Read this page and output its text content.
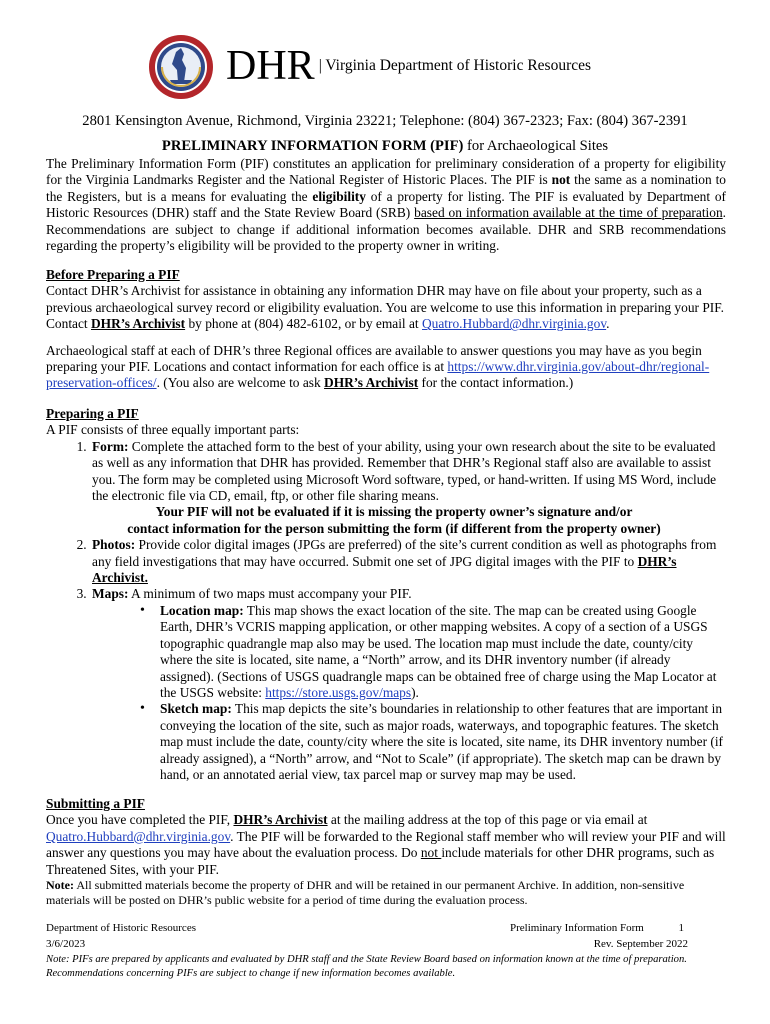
DHR | Virginia Department of Historic Resources
2801 Kensington Avenue, Richmond, Virginia 23221; Telephone: (804) 367-2323; Fax: (804) 367-2391
PRELIMINARY INFORMATION FORM (PIF) for Archaeological Sites
The Preliminary Information Form (PIF) constitutes an application for preliminary consideration of a property for eligibility for the Virginia Landmarks Register and the National Register of Historic Places. The PIF is not the same as a nomination to the Registers, but is a means for evaluating the eligibility of a property for listing. The PIF is evaluated by Department of Historic Resources (DHR) staff and the State Review Board (SRB) based on information available at the time of preparation. Recommendations are subject to change if additional information becomes available. DHR and SRB recommendations regarding the property’s eligibility will be provided to the property owner in writing.

Before Preparing a PIF

Contact DHR’s Archivist for assistance in obtaining any information DHR may have on file about your property, such as a previous archaeological survey record or eligibility evaluation. You are welcome to use this information in preparing your PIF. Contact DHR’s Archivist by phone at (804) 482-6102, or by email at Quatro.Hubbard@dhr.virginia.gov.

Archaeological staff at each of DHR’s three Regional offices are available to answer questions you may have as you begin preparing your PIF. Locations and contact information for each office is at https://www.dhr.virginia.gov/about-dhr/regional-preservation-offices/. (You also are welcome to ask DHR’s Archivist for the contact information.)

Preparing a PIF

A PIF consists of three equally important parts:

1. Form: Complete the attached form to the best of your ability, using your own research about the site to be evaluated as well as any information that DHR has provided. Remember that DHR’s Regional staff also are available to assist you. The form may be completed using Microsoft Word software, typed, or hand-written. If using MS Word, include the electronic file via CD, email, ftp, or other file sharing means.
Your PIF will not be evaluated if it is missing the property owner’s signature and/or
contact information for the person submitting the form (if different from the property owner)
2. Photos: Provide color digital images (JPGs are preferred) of the site’s current condition as well as photographs from any field investigations that may have occurred. Submit one set of JPG digital images with the PIF to DHR’s Archivist.
3. Maps: A minimum of two maps must accompany your PIF.
• Location map: This map shows the exact location of the site. The map can be created using Google Earth, DHR’s VCRIS mapping application, or other mapping websites. A copy of a section of a USGS topographic quadrangle map also may be used. The location map must include the date, county/city where the site is located, site name, a “North” arrow, and its DHR inventory number (if already assigned). (Sections of USGS quadrangle maps can be obtained free of charge using the Map Locator at the USGS website: https://store.usgs.gov/maps).
• Sketch map: This map depicts the site’s boundaries in relationship to other features that are important in conveying the location of the site, such as major roads, waterways, and topographic features. The sketch map must include the date, county/city where the site is located, site name, its DHR inventory number (if already assigned), a “North” arrow, and “Not to Scale” (if appropriate). The sketch map can be drawn by hand, or an annotated aerial view, tax parcel map or survey map may be used.

Submitting a PIF

Once you have completed the PIF, DHR’s Archivist at the mailing address at the top of this page or via email at Quatro.Hubbard@dhr.virginia.gov. The PIF will be forwarded to the Regional staff member who will review your PIF and will answer any questions you may have about the evaluation process. Do not include materials for other DHR programs, such as Threatened Sites, with your PIF.

Note: All submitted materials become the property of DHR and will be retained in our permanent Archive. In addition, non-sensitive materials will be posted on DHR’s public website for a period of time during the evaluation process.

Department of Historic Resources	Preliminary Information Form	1
3/6/2023	Rev. September 2022
Note: PIFs are prepared by applicants and evaluated by DHR staff and the State Review Board based on information known at the time of preparation.
Recommendations concerning PIFs are subject to change if new information becomes available.
